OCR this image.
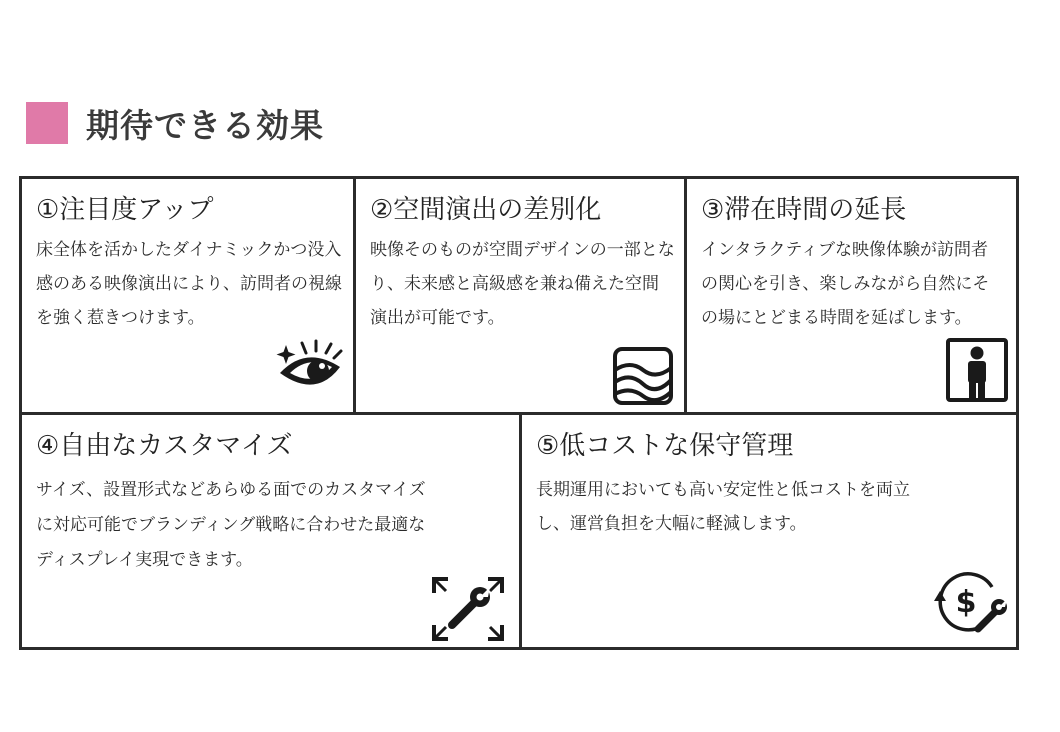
期待できる効果
①注目度アップ

床全体を活かしたダイナミックかつ没入感のある映像演出により、訪問者の視線を強く惹きつけます。

②空間演出の差別化

映像そのものが空間デザインの一部となり、未来感と高級感を兼ね備えた空間演出が可能です。

③滞在時間の延長

インタラクティブな映像体験が訪問者の関心を引き、楽しみながら自然にその場にとどまる時間を延ばします。

④自由なカスタマイズ

サイズ、設置形式などあらゆる面でのカスタマイズに対応可能でブランディング戦略に合わせた最適なディスプレイ実現できます。

⑤低コストな保守管理

長期運用においても高い安定性と低コストを両立し、運営負担を大幅に軽減します。

$
